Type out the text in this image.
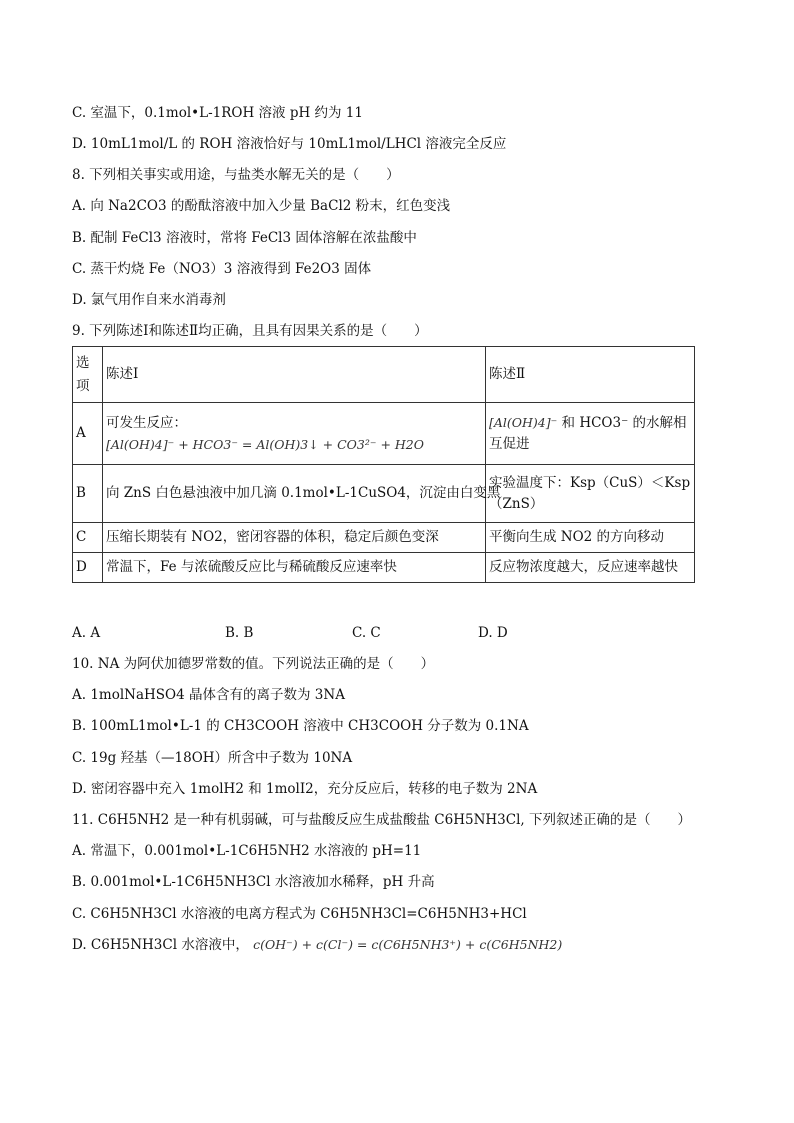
C. 室温下，0.1mol•L-1ROH 溶液 pH 约为 11
D. 10mL1mol/L 的 ROH 溶液恰好与 10mL1mol/LHCl 溶液完全反应
8. 下列相关事实或用途，与盐类水解无关的是（　　）
A. 向 Na2CO3 的酚酞溶液中加入少量 BaCl2 粉末，红色变浅
B. 配制 FeCl3 溶液时，常将 FeCl3 固体溶解在浓盐酸中
C. 蒸干灼烧 Fe（NO3）3 溶液得到 Fe2O3 固体
D. 氯气用作自来水消毒剂
9. 下列陈述Ⅰ和陈述Ⅱ均正确，且具有因果关系的是（　　）
选项	陈述Ⅰ	陈述Ⅱ
A	可发生反应：
[Al(OH)4]⁻ + HCO3⁻ = Al(OH)3↓ + CO3²⁻ + H2O	[Al(OH)4]⁻ 和 HCO3⁻ 的水解相互促进
B	向 ZnS 白色悬浊液中加几滴 0.1mol•L-1CuSO4，沉淀由白变黑	实验温度下：Ksp（CuS）＜Ksp（ZnS）
C	压缩长期装有 NO2，密闭容器的体积，稳定后颜色变深	平衡向生成 NO2 的方向移动
D	常温下，Fe 与浓硫酸反应比与稀硫酸反应速率快	反应物浓度越大，反应速率越快
A. A	B. B	C. C	D. D
10. NA 为阿伏加德罗常数的值。下列说法正确的是（　　）
A. 1molNaHSO4 晶体含有的离子数为 3NA
B. 100mL1mol•L-1 的 CH3COOH 溶液中 CH3COOH 分子数为 0.1NA
C. 19g 羟基（—18OH）所含中子数为 10NA
D. 密闭容器中充入 1molH2 和 1molI2，充分反应后，转移的电子数为 2NA
11. C6H5NH2 是一种有机弱碱，可与盐酸反应生成盐酸盐 C6H5NH3Cl, 下列叙述正确的是（　　）
A. 常温下，0.001mol•L-1C6H5NH2 水溶液的 pH=11
B. 0.001mol•L-1C6H5NH3Cl 水溶液加水稀释，pH 升高
C. C6H5NH3Cl 水溶液的电离方程式为 C6H5NH3Cl=C6H5NH3+HCl
D. C6H5NH3Cl 水溶液中， c(OH⁻) + c(Cl⁻) = c(C6H5NH3⁺) + c(C6H5NH2)
